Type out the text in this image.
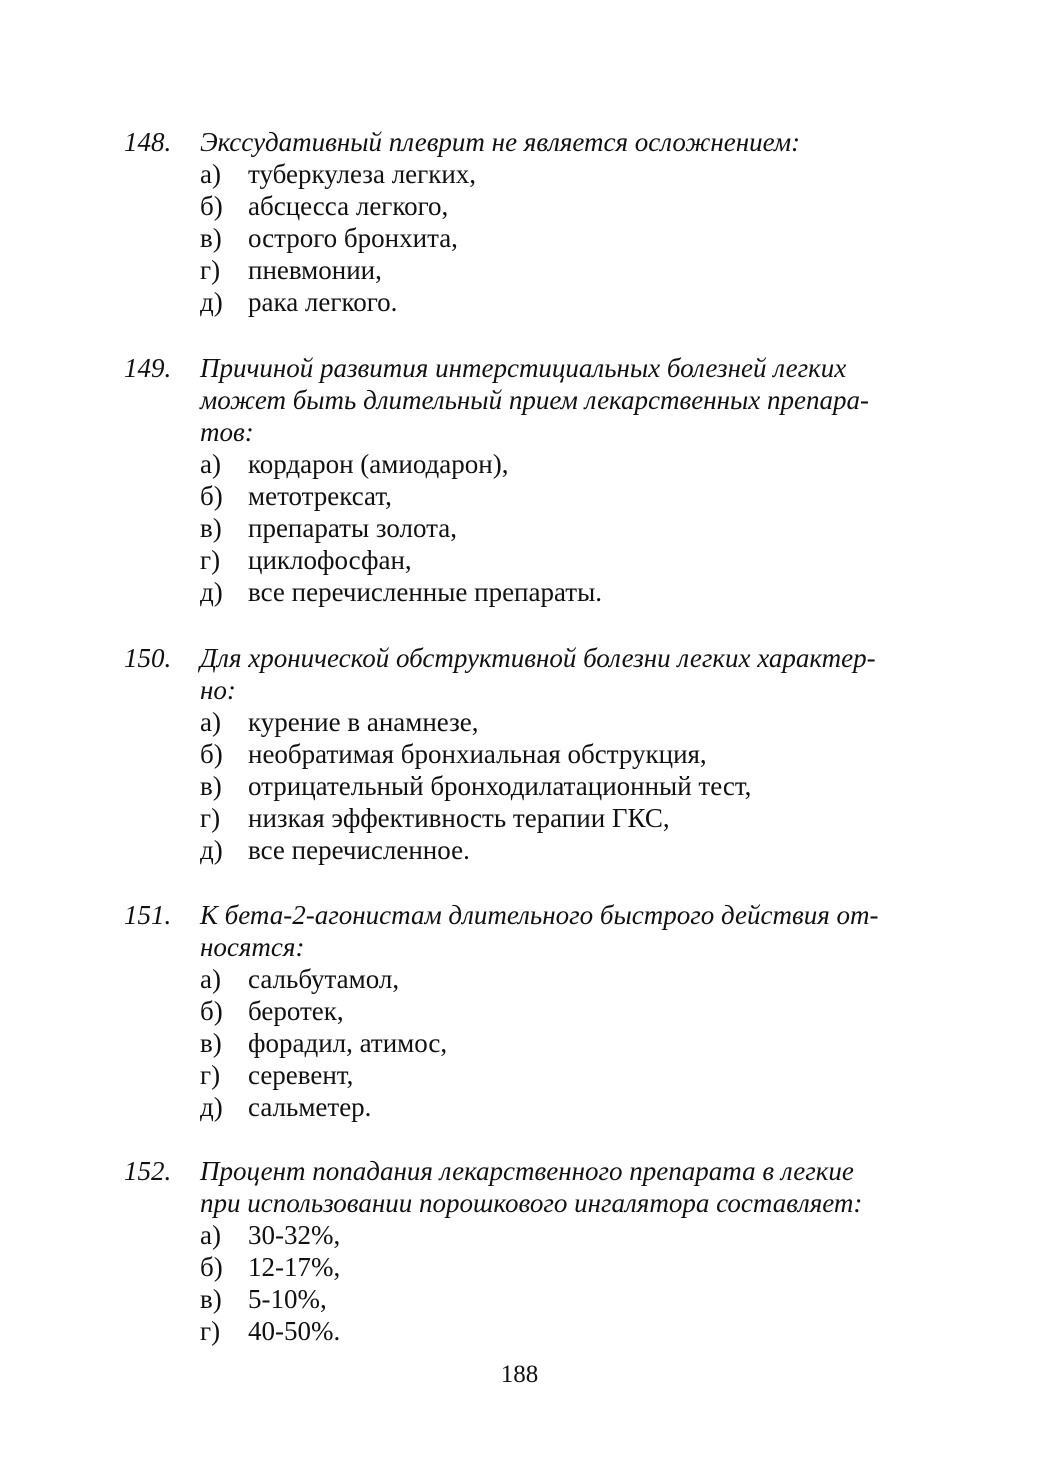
148. Экссудативный плеврит не является осложнением:
а) туберкулеза легких,
б) абсцесса легкого,
в) острого бронхита,
г) пневмонии,
д) рака легкого.
149. Причиной развития интерстициальных болезней легких
может быть длительный прием лекарственных препара-
тов:
а) кордарон (амиодарон),
б) метотрексат,
в) препараты золота,
г) циклофосфан,
д) все перечисленные препараты.
150. Для хронической обструктивной болезни легких характер-
но:
а) курение в анамнезе,
б) необратимая бронхиальная обструкция,
в) отрицательный бронходилатационный тест,
г) низкая эффективность терапии ГКС,
д) все перечисленное.
151. К бета-2-агонистам длительного быстрого действия от-
носятся:
а) сальбутамол,
б) беротек,
в) форадил, атимос,
г) серевент,
д) сальметер.
152. Процент попадания лекарственного препарата в легкие
при использовании порошкового ингалятора составляет:
а) 30-32%,
б) 12-17%,
в) 5-10%,
г) 40-50%.
188
